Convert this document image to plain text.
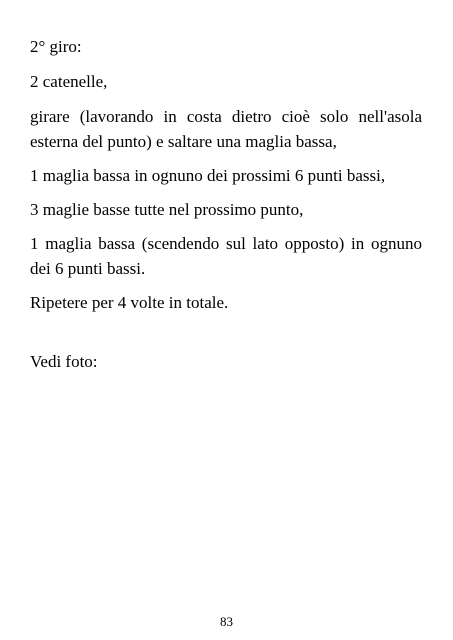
2° giro:

2 catenelle,

girare (lavorando in costa dietro cioè solo nell'asola esterna del punto) e saltare una maglia bassa,

1 maglia bassa in ognuno dei prossimi 6 punti bassi,

3 maglie basse tutte nel prossimo punto,

1 maglia bassa (scendendo sul lato opposto) in ognuno dei 6 punti bassi.

Ripetere per 4 volte in totale.

Vedi foto:

83
